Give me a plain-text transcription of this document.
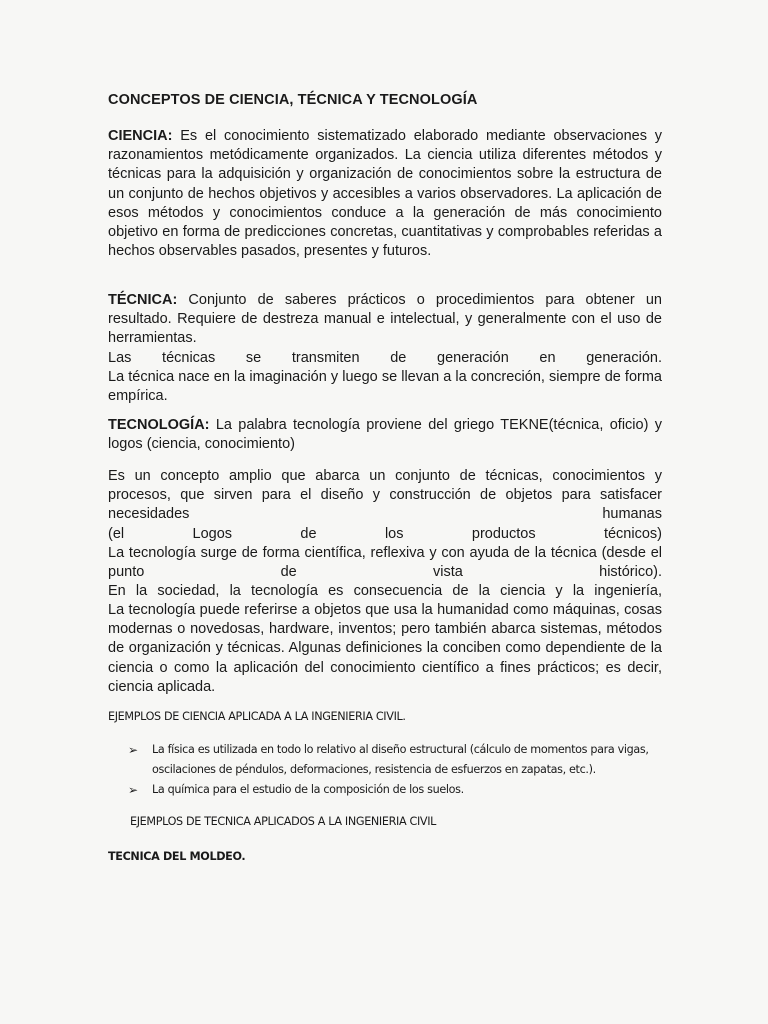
CONCEPTOS DE CIENCIA, TÉCNICA Y TECNOLOGÍA
CIENCIA: Es el conocimiento sistematizado elaborado mediante observaciones y razonamientos metódicamente organizados. La ciencia utiliza diferentes métodos y técnicas para la adquisición y organización de conocimientos sobre la estructura de un conjunto de hechos objetivos y accesibles a varios observadores. La aplicación de esos métodos y conocimientos conduce a la generación de más conocimiento objetivo en forma de predicciones concretas, cuantitativas y comprobables referidas a hechos observables pasados, presentes y futuros.
TÉCNICA: Conjunto de saberes prácticos o procedimientos para obtener un resultado. Requiere de destreza manual e intelectual, y generalmente con el uso de herramientas.
Las técnicas se transmiten de generación en generación.
La técnica nace en la imaginación y luego se llevan a la concreción, siempre de forma empírica.
TECNOLOGÍA: La palabra tecnología proviene del griego TEKNE(técnica, oficio) y logos (ciencia, conocimiento)
Es un concepto amplio que abarca un conjunto de técnicas, conocimientos y procesos, que sirven para el diseño y construcción de objetos para satisfacer necesidades humanas
(el Logos de los productos técnicos)
La tecnología surge de forma científica, reflexiva y con ayuda de la técnica (desde el punto de vista histórico).
En la sociedad, la tecnología es consecuencia de la ciencia y la ingeniería,
La tecnología puede referirse a objetos que usa la humanidad como máquinas, cosas modernas o novedosas, hardware, inventos; pero también abarca sistemas, métodos de organización y técnicas. Algunas definiciones la conciben como dependiente de la ciencia o como la aplicación del conocimiento científico a fines prácticos; es decir, ciencia aplicada.
EJEMPLOS DE CIENCIA APLICADA A LA INGENIERIA CIVIL.
➢ La física es utilizada en todo lo relativo al diseño estructural (cálculo de momentos para vigas, oscilaciones de péndulos, deformaciones, resistencia de esfuerzos en zapatas, etc.).
➢ La química para el estudio de la composición de los suelos.
EJEMPLOS DE TECNICA APLICADOS A LA INGENIERIA CIVIL
TECNICA DEL MOLDEO.
